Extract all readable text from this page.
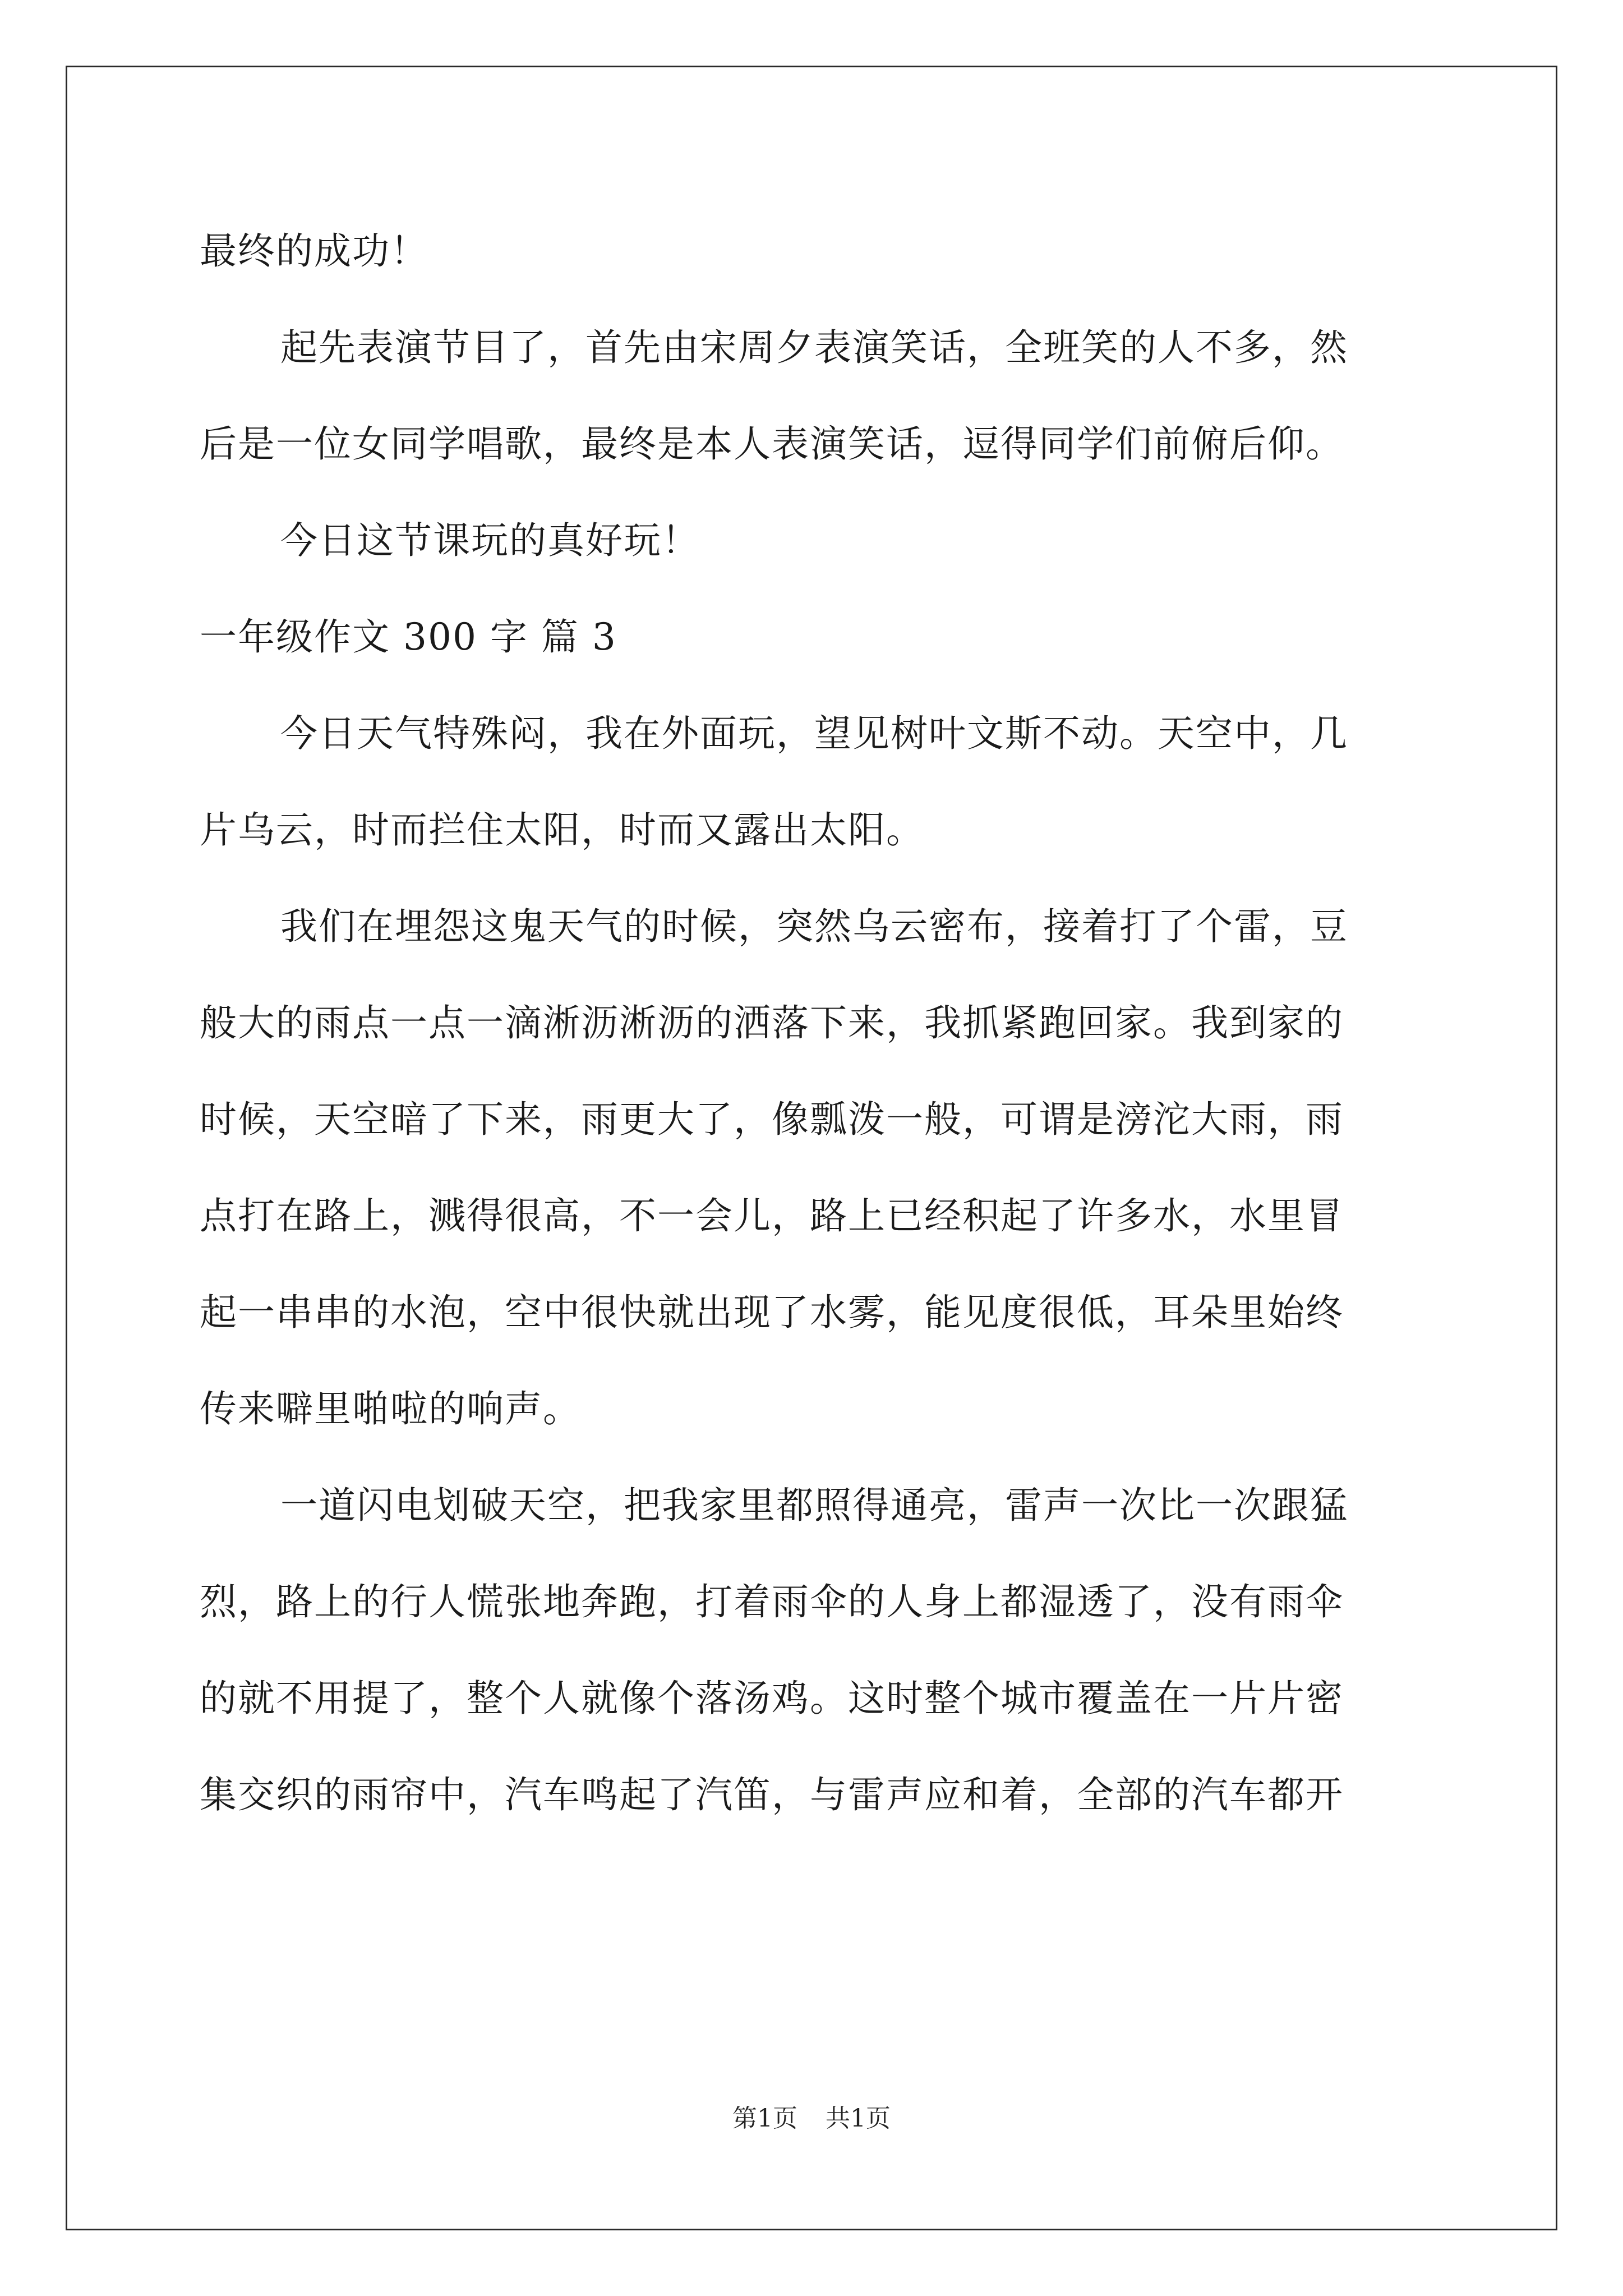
最终的成功！
起先表演节目了，首先由宋周夕表演笑话，全班笑的人不多，然
后是一位女同学唱歌，最终是本人表演笑话，逗得同学们前俯后仰。
今日这节课玩的真好玩！
一年级作文 300 字 篇 3
今日天气特殊闷，我在外面玩，望见树叶文斯不动。天空中，几
片乌云，时而拦住太阳，时而又露出太阳。
我们在埋怨这鬼天气的时候，突然乌云密布，接着打了个雷，豆
般大的雨点一点一滴淅沥淅沥的洒落下来，我抓紧跑回家。我到家的
时候，天空暗了下来，雨更大了，像瓢泼一般，可谓是滂沱大雨，雨
点打在路上，溅得很高，不一会儿，路上已经积起了许多水，水里冒
起一串串的水泡，空中很快就出现了水雾，能见度很低，耳朵里始终
传来噼里啪啦的响声。
一道闪电划破天空，把我家里都照得通亮，雷声一次比一次跟猛
烈，路上的行人慌张地奔跑，打着雨伞的人身上都湿透了，没有雨伞
的就不用提了，整个人就像个落汤鸡。这时整个城市覆盖在一片片密
集交织的雨帘中，汽车鸣起了汽笛，与雷声应和着，全部的汽车都开
第1页 共1页
